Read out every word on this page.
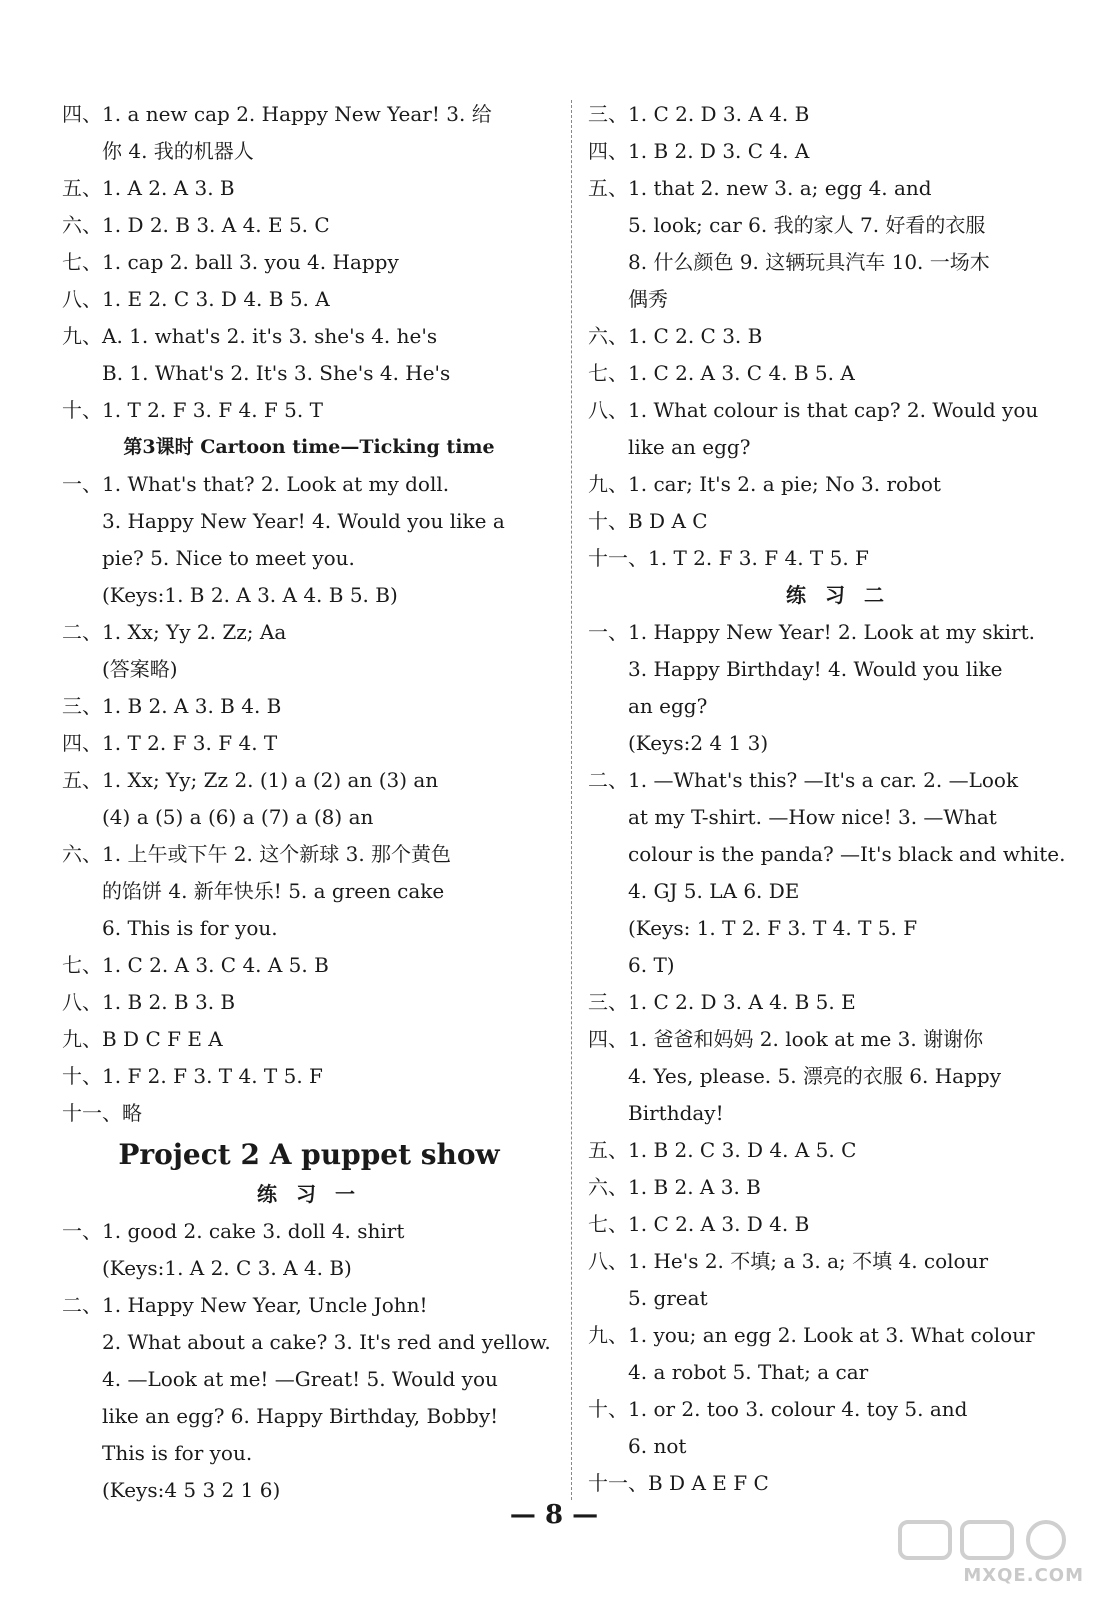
四、1. a new cap 2. Happy New Year! 3. 给
你 4. 我的机器人
五、1. A 2. A 3. B
六、1. D 2. B 3. A 4. E 5. C
七、1. cap 2. ball 3. you 4. Happy
八、1. E 2. C 3. D 4. B 5. A
九、A. 1. what's 2. it's 3. she's 4. he's
B. 1. What's 2. It's 3. She's 4. He's
十、1. T 2. F 3. F 4. F 5. T
第3课时 Cartoon time—Ticking time
一、1. What's that? 2. Look at my doll.
3. Happy New Year! 4. Would you like a
pie? 5. Nice to meet you.
(Keys:1. B 2. A 3. A 4. B 5. B)
二、1. Xx; Yy 2. Zz; Aa
(答案略)
三、1. B 2. A 3. B 4. B
四、1. T 2. F 3. F 4. T
五、1. Xx; Yy; Zz 2. (1) a (2) an (3) an
(4) a (5) a (6) a (7) a (8) an
六、1. 上午或下午 2. 这个新球 3. 那个黄色
的馅饼 4. 新年快乐! 5. a green cake
6. This is for you.
七、1. C 2. A 3. C 4. A 5. B
八、1. B 2. B 3. B
九、B D C F E A
十、1. F 2. F 3. T 4. T 5. F
十一、略
Project 2 A puppet show
练 习 一
一、1. good 2. cake 3. doll 4. shirt
(Keys:1. A 2. C 3. A 4. B)
二、1. Happy New Year, Uncle John!
2. What about a cake? 3. It's red and yellow.
4. —Look at me! —Great! 5. Would you
like an egg? 6. Happy Birthday, Bobby!
This is for you.
(Keys:4 5 3 2 1 6)
三、1. C 2. D 3. A 4. B
四、1. B 2. D 3. C 4. A
五、1. that 2. new 3. a; egg 4. and
5. look; car 6. 我的家人 7. 好看的衣服
8. 什么颜色 9. 这辆玩具汽车 10. 一场木
偶秀
六、1. C 2. C 3. B
七、1. C 2. A 3. C 4. B 5. A
八、1. What colour is that cap? 2. Would you
like an egg?
九、1. car; It's 2. a pie; No 3. robot
十、B D A C
十一、1. T 2. F 3. F 4. T 5. F
练 习 二
一、1. Happy New Year! 2. Look at my skirt.
3. Happy Birthday! 4. Would you like
an egg?
(Keys:2 4 1 3)
二、1. —What's this? —It's a car. 2. —Look
at my T-shirt. —How nice! 3. —What
colour is the panda? —It's black and white.
4. GJ 5. LA 6. DE
(Keys: 1. T 2. F 3. T 4. T 5. F
6. T)
三、1. C 2. D 3. A 4. B 5. E
四、1. 爸爸和妈妈 2. look at me 3. 谢谢你
4. Yes, please. 5. 漂亮的衣服 6. Happy
Birthday!
五、1. B 2. C 3. D 4. A 5. C
六、1. B 2. A 3. B
七、1. C 2. A 3. D 4. B
八、1. He's 2. 不填; a 3. a; 不填 4. colour
5. great
九、1. you; an egg 2. Look at 3. What colour
4. a robot 5. That; a car
十、1. or 2. too 3. colour 4. toy 5. and
6. not
十一、B D A E F C
— 8 —
MXQE.COM
